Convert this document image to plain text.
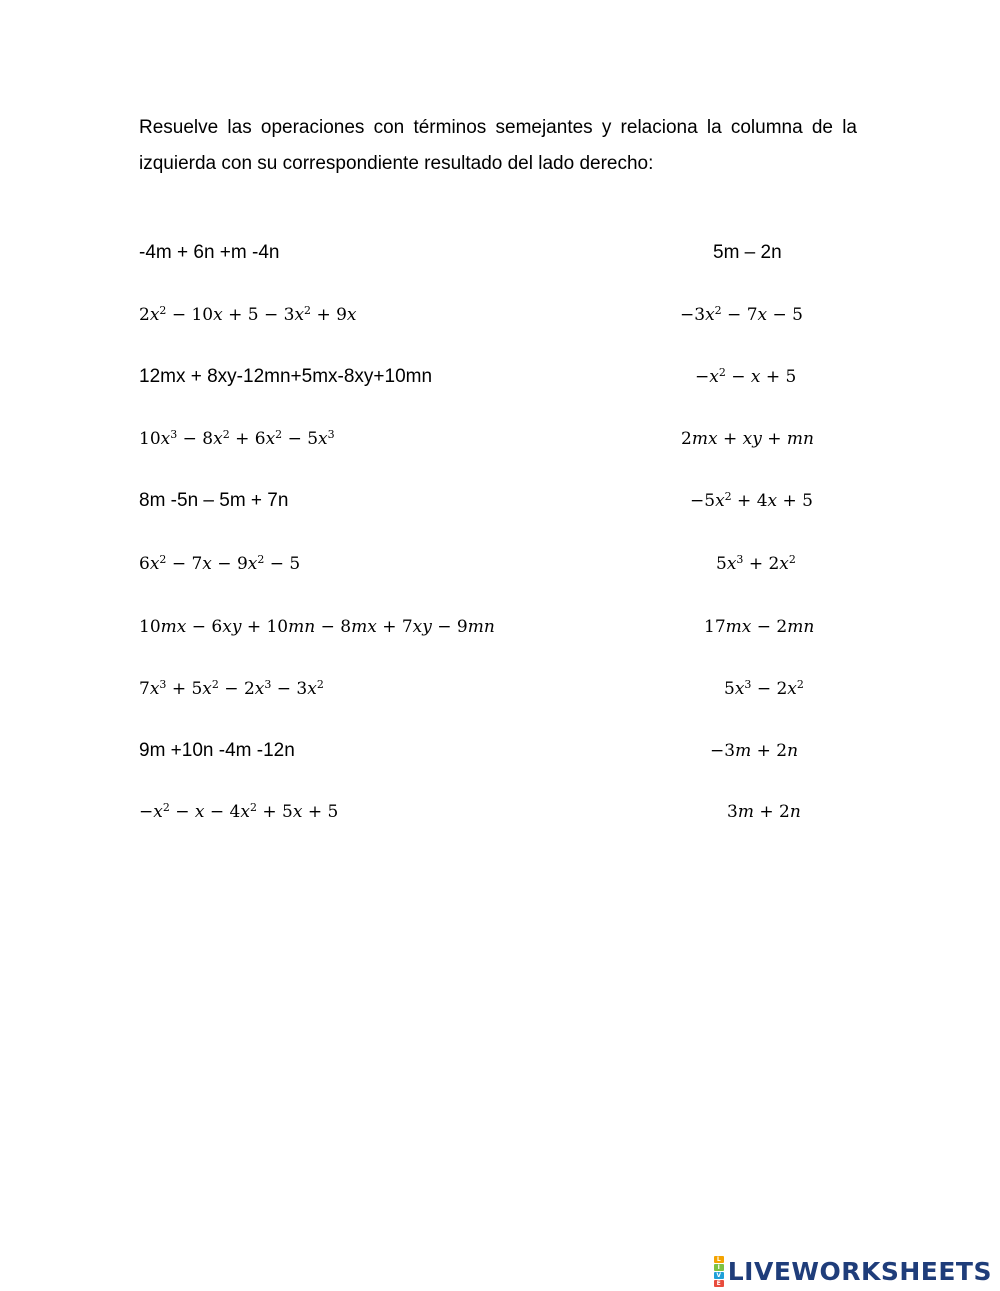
Resuelve las operaciones con términos semejantes y relaciona la columna de la izquierda con su correspondiente resultado del lado derecho:

-4m + 6n +m -4n	5m – 2n
$2x^2 - 10x + 5 - 3x^2 + 9x$	$-3x^2 - 7x - 5$
12mx + 8xy-12mn+5mx-8xy+10mn	$-x^2 - x + 5$
$10x^3 - 8x^2 + 6x^2 - 5x^3$	2mx + xy + mn
8m -5n – 5m + 7n	$-5x^2 + 4x + 5$
$6x^2 - 7x - 9x^2 - 5$	$5x^3 + 2x^2$
10mx − 6xy + 10mn − 8mx + 7xy − 9mn	17mx − 2mn
$7x^3 + 5x^2 - 2x^3 - 3x^2$	$5x^3 - 2x^2$
9m +10n -4m -12n	−3m + 2n
$-x^2 - x - 4x^2 + 5x + 5$	3m + 2n
L
I
V
E LIVEWORKSHEETS
